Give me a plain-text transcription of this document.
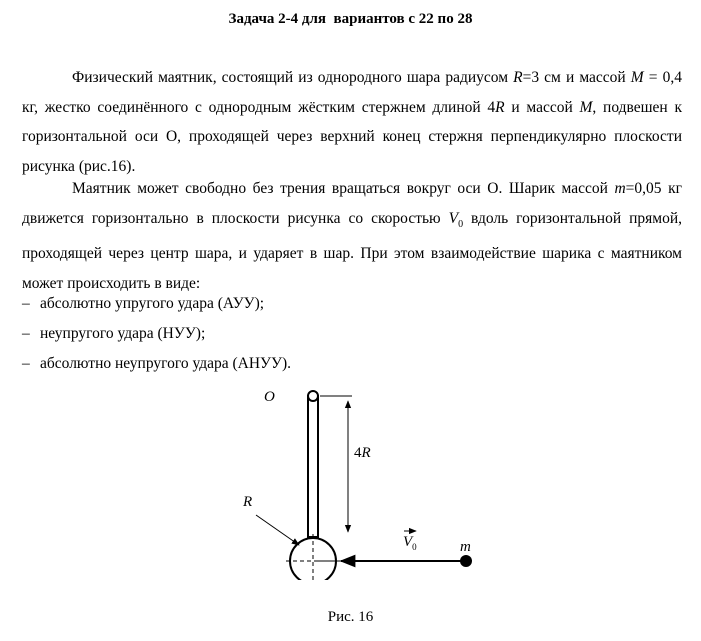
Задача 2-4 для  вариантов с 22 по 28

Физический маятник, состоящий из однородного шара радиусом R=3 см и массой M = 0,4 кг, жестко соединённого с однородным жёстким стержнем длиной 4R и массой M, подвешен к горизонтальной оси О, проходящей через верхний конец стержня перпендикулярно плоскости рисунка (рис.16).

Маятник может свободно без трения вращаться вокруг оси О. Шарик массой m=0,05 кг движется горизонтально в плоскости рисунка со скоростью $V_0$ вдоль горизонтальной прямой, проходящей через центр шара, и ударяет в шар. При этом взаимодействие шарика с маятником может происходить в виде:

– абсолютно упругого удара (АУУ);
– неупругого удара (НУУ);
– абсолютно неупругого удара (АНУУ).
O
4R
R
$V_0$	m
Рис. 16
